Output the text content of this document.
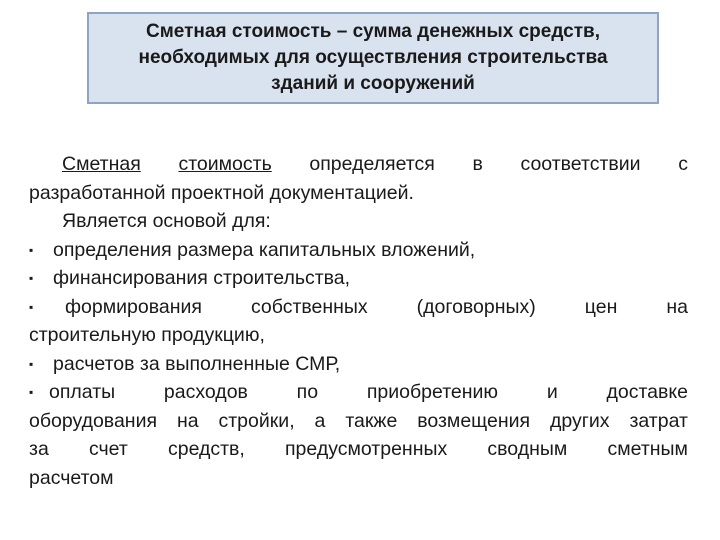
Сметная стоимость – сумма денежных средств,
необходимых для осуществления строительства
зданий и сооружений
Сметная стоимость определяется в соответствии с
разработанной проектной документацией.
Является основой для:
▪	определения размера капитальных вложений,
▪	финансирования строительства,
▪	формирования	собственных	(договорных)	цен	на
строительную продукцию,
▪	расчетов за выполненные СМР,
▪ оплаты	расходов	по	приобретению	и	доставке
оборудования на стройки, а также возмещения других затрат
за счет средств, предусмотренных сводным сметным
расчетом
